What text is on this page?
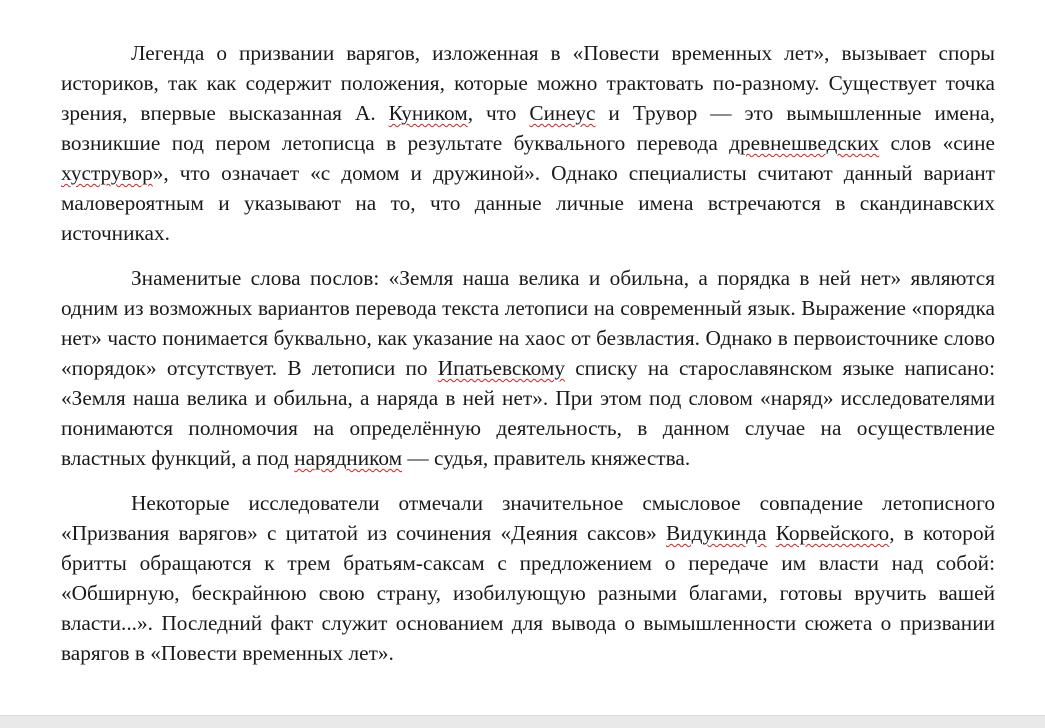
Легенда о призвании варягов, изложенная в «Повести временных лет», вызывает споры историков, так как содержит положения, которые можно трактовать по-разному. Существует точка зрения, впервые высказанная А. Куником, что Синеус и Трувор — это вымышленные имена, возникшие под пером летописца в результате буквального перевода древнешведских слов «сине хуструвор», что означает «с домом и дружиной». Однако специалисты считают данный вариант маловероятным и указывают на то, что данные личные имена встречаются в скандинавских источниках.

Знаменитые слова послов: «Земля наша велика и обильна, а порядка в ней нет» являются одним из возможных вариантов перевода текста летописи на современный язык. Выражение «порядка нет» часто понимается буквально, как указание на хаос от безвластия. Однако в первоисточнике слово «порядок» отсутствует. В летописи по Ипатьевскому списку на старославянском языке написано: «Земля наша велика и обильна, а наряда в ней нет». При этом под словом «наряд» исследователями понимаются полномочия на определённую деятельность, в данном случае на осуществление властных функций, а под нарядником — судья, правитель княжества.

Некоторые исследователи отмечали значительное смысловое совпадение летописного «Призвания варягов» с цитатой из сочинения «Деяния саксов» Видукинда Корвейского, в которой бритты обращаются к трем братьям-саксам с предложением о передаче им власти над собой: «Обширную, бескрайнюю свою страну, изобилующую разными благами, готовы вручить вашей власти...». Последний факт служит основанием для вывода о вымышленности сюжета о призвании варягов в «Повести временных лет».
